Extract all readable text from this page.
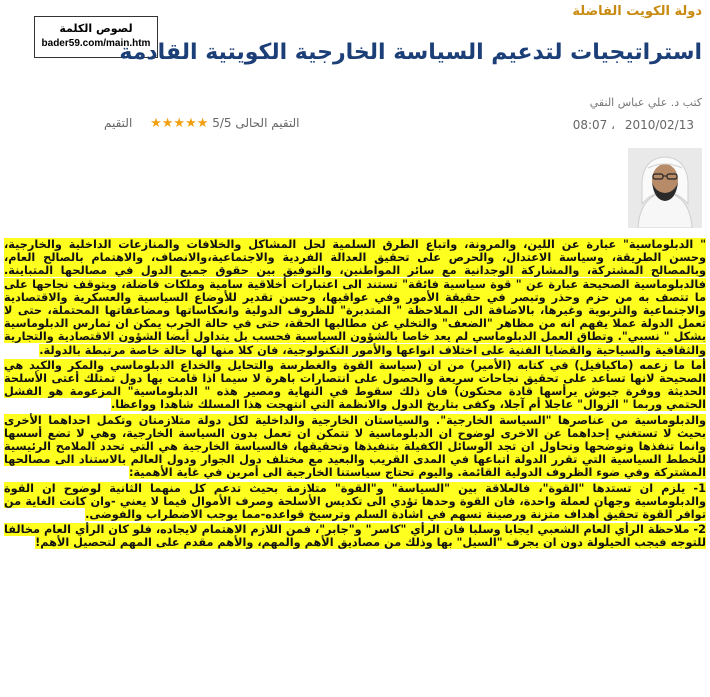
دولة الكويت الفاضلة
لصوص الكلمة
bader59.com/main.htm
استراتيجيات لتدعيم السياسة الخارجية الكويتية القادمة
كتب د. علي عباس النقي
2010/02/13
08:07 ،
التقيم الحالى 5/5 ★★★★★ التقيم

" الدبلوماسية" عبارة عن اللين، والمرونة، واتباع الطرق السلمية لحل المشاكل والخلافات والمنازعات الداخلية والخارجية، وحسن الطريقة، وسياسة الاعتدال، والحرص على تحقيق العدالة الفردية والاجتماعية،والانصاف، والاهتمام بالصالح العام، وبالمصالح المشتركة، والمشاركة الوجدانية مع سائر المواطنين، والتوفيق بين حقوق جميع الدول في مصالحها المتباينة. فالدبلوماسية الصحيحة عبارة عن " قوة سياسية فائقة" تستند الى اعتبارات أخلاقية سامية وملكات فاضلة، ويتوقف نجاحها على ما تتصف به من حزم وحذر وتبصر في حقيقة الأمور وفي عواقبها، وحسن تقدير للأوضاع السياسية والعسكرية والاقتصادية والاجتماعية والتربوية وغيرها، بالاضافة الى الملاحظة " المتدبرة" للظروف الدولية وانعكاساتها ومضاعفاتها المحتملة، حتى لا تعمل الدولة عملا يفهم انه من مظاهر "الضعف" والتخلي عن مطالبها الحقة، حتى في حالة الحرب يمكن ان تمارس الدبلوماسية بشكل " نسبي". وتطاق العمل الدبلوماسي لم يعد خاصا بالشؤون السياسية فحسب بل يتداول أيضا الشؤون الاقتصادية والتجارية والثقافية والسياحية والقضايا الفنية على اختلاف انواعها والأمور التكنولوجية، فان كلا منها لها حالة خاصة مرتبطة بالدولة.

أما ما زعمه (ماكيافيل) في كتابه (الأمير) من ان (سياسة القوة والغطرسة والتحايل والخداع الدبلوماسي والمكر والكيد هي الصحيحة لانها تساعد على تحقيق نجاحات سريعة والحصول على انتصارات باهرة لا سيما اذا قامت بها دول تمتلك أعتى الأسلحة الحديثة ووفرة جيوش يرأسها قادة محنكون) فان ذلك سقوط في النهاية ومصير هذه " الدبلوماسية" المزعومة هو الفشل الحتمي وربما " الزوال" عاجلا أم آجلا، وكفى بتاريخ الدول والانظمة التي انتهجت هذا المسلك شاهدا وواعظا.

والدبلوماسية من عناصرها "السياسة الخارجية". والسياستان الخارجية والداخلية لكل دولة متلازمتان وتكمل احداهما الأخرى بحيث لا تستغني إحداهما عن الاخرى لوضوح ان الدبلوماسية لا تتمكن ان تعمل بدون السياسة الخارجية، وهي لا تضع أسسها وانما تنفذها وتوضحها وتحاول ان تجد الوسائل الكفيلة بتنفيذها وتحقيقها، فالسياسة الخارجية هي التي تحدد الملامح الرئيسية للخطط السياسية التي تقرر الدولة اتباعها في المدى القريب والبعيد مع مختلف دول الجوار ودول العالم بالاستناد الى مصالحها المشتركة وفي ضوء الظروف الدولية القائمة. واليوم تحتاج سياستنا الخارجية الى أمرين في غاية الأهمية:

1- يلزم ان تستدها "القوة"، فالعلاقة بين "السياسة" و"القوة" متلازمة بحيث تدعم كل منهما الثانية لوضوح ان القوة والدبلوماسية وجهان لعملة واحدة، فان القوة وحدها تؤدي الى تكديس الأسلحة وصرف الأموال فيما لا يعني -وان كانت الغاية من توافر القوة تحقيق أهداف متزنة ورصينة تسهم في اشادة السلم وترسيخ قواعده-مما يوجب الاضطراب والفوضى.

2- ملاحظة الرأي العام الشعبي ايجابا وسلبا فان الرأي "كاسر" و"جابر"، فمن اللازم الاهتمام لايجاده، فلو كان الرأي العام مخالفا للتوجه فيجب الحيلولة دون ان يجرف "السيل" بها وذلك من مصاديق الأهم والمهم، والأهم مقدم على المهم لتحصيل الأهم!
